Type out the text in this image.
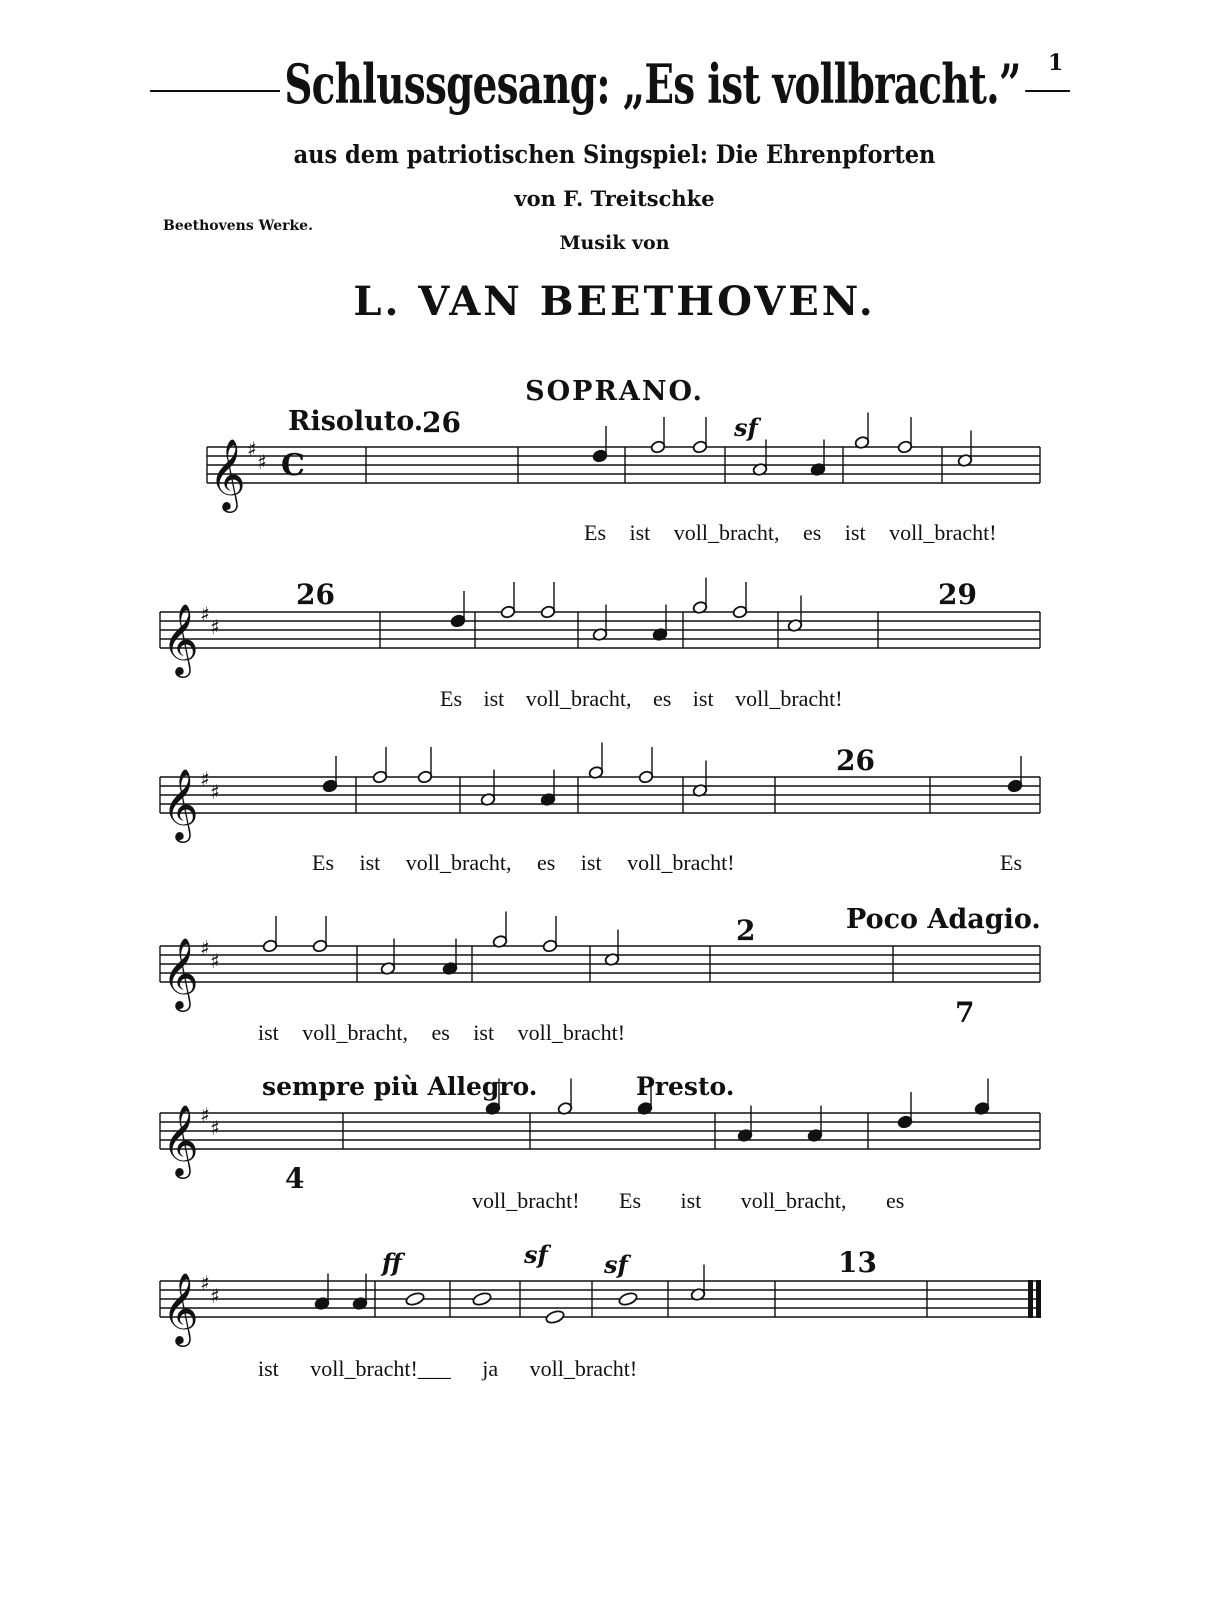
1
Schlussgesang: „Es ist vollbracht.”
aus dem patriotischen Singspiel: Die Ehrenpforten
von F. Treitschke
Beethovens Werke.
Musik von
L. VAN BEETHOVEN.
SOPRANO.
𝄞 ♯
♯ C
𝄞 ♯
♯
𝄞 ♯
♯
𝄞 ♯
♯
𝄞 ♯
♯
𝄞 ♯
♯
Risoluto.
26	sf
Es ist voll_bracht, es ist voll_bracht!
26	29
Es ist voll_bracht, es ist voll_bracht!
26
Es ist voll_bracht, es ist voll_bracht!	Es
2	Poco Adagio.
7
ist voll_bracht, es ist voll_bracht!
sempre più Allegro.	Presto.
4
voll_bracht! Es ist voll_bracht, es
ff	sf sf	13
ist voll_bracht!___ ja voll_bracht!
